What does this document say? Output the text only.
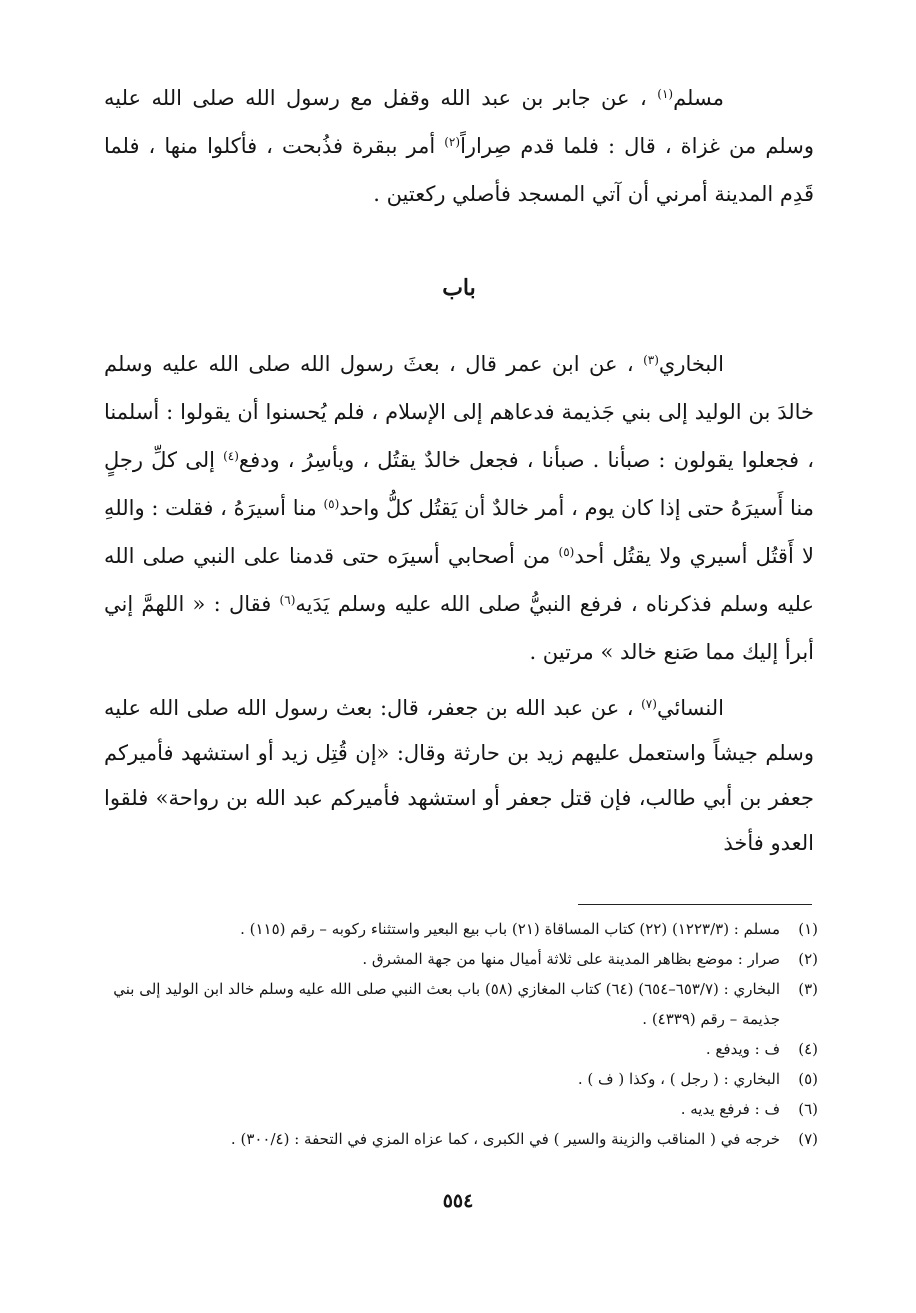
مسلم$^{(١)}$ ، عن جابر بن عبد الله وقفل مع رسول الله صلى الله عليه وسلم من غزاة ، قال : فلما قدم صِراراً$^{(٢)}$ أمر ببقرة فذُبحت ، فأكلوا منها ، فلما قَدِم المدينة أمرني أن آتي المسجد فأصلي ركعتين .

باب

البخاري$^{(٣)}$ ، عن ابن عمر قال ، بعثَ رسول الله صلى الله عليه وسلم خالدَ بن الوليد إلى بني جَذيمة فدعاهم إلى الإسلام ، فلم يُحسنوا أن يقولوا : أسلمنا ، فجعلوا يقولون : صبأنا . صبأنا ، فجعل خالدٌ يقتُل ، ويأسِرُ ، ودفع$^{(٤)}$ إلى كلِّ رجلٍ منا أَسيرَهُ حتى إذا كان يوم ، أمر خالدٌ أن يَقتُل كلُّ واحد$^{(٥)}$ منا أسيرَهُ ، فقلت : واللهِ لا أَقتُل أسيري ولا يقتُل أحد$^{(٥)}$ من أصحابي أسيرَه حتى قدمنا على النبي صلى الله عليه وسلم فذكرناه ، فرفع النبيُّ صلى الله عليه وسلم يَدَيه$^{(٦)}$ فقال : « اللهمَّ إني أبرأ إليك مما صَنع خالد » مرتين .

النسائي$^{(٧)}$ ، عن عبد الله بن جعفر، قال: بعث رسول الله صلى الله عليه وسلم جيشاً واستعمل عليهم زيد بن حارثة وقال: «إن قُتِل زيد أو استشهد فأميركم جعفر بن أبي طالب، فإن قتل جعفر أو استشهد فأميركم عبد الله بن رواحة» فلقوا العدو فأخذ

(١)
مسلم : (١٢٢٣/٣) (٢٢) كتاب المساقاة (٢١) باب بيع البعير واستثناء ركوبه – رقم (١١٥) .
(٢)
صرار : موضع بظاهر المدينة على ثلاثة أميال منها من جهة المشرق .
(٣)
البخاري : (٦٥٣/٧–٦٥٤) (٦٤) كتاب المغازي (٥٨) باب بعث النبي صلى الله عليه وسلم خالد ابن الوليد إلى بني جذيمة – رقم (٤٣٣٩) .
(٤)
ف : ويدفع .
(٥)
البخاري : ( رجل ) ، وكذا ( ف ) .
(٦)
ف : فرفع يديه .
(٧)
خرجه في ( المناقب والزينة والسير ) في الكبرى ، كما عزاه المزي في التحفة : (٣٠٠/٤) .
٥٥٤
